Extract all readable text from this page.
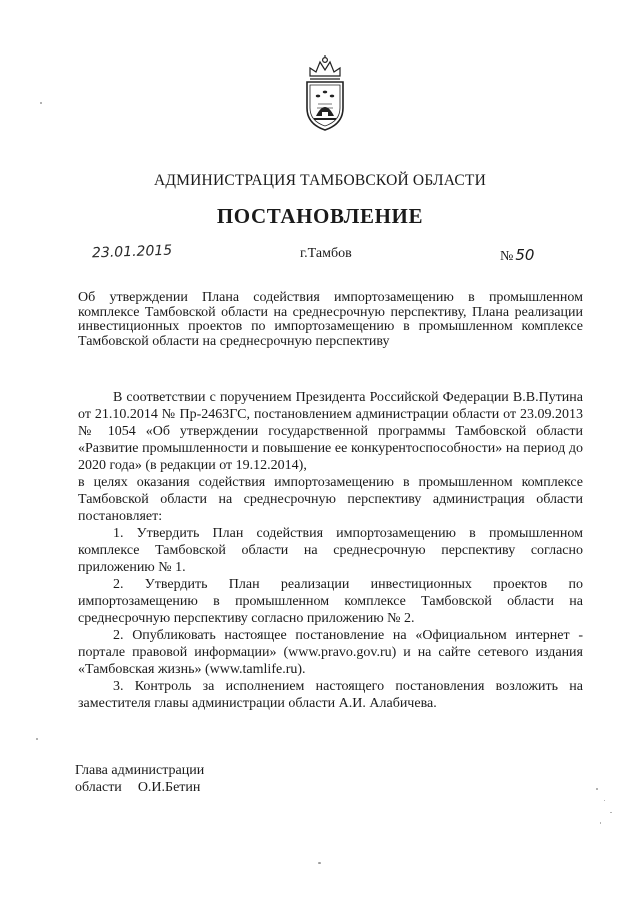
АДМИНИСТРАЦИЯ ТАМБОВСКОЙ ОБЛАСТИ
ПОСТАНОВЛЕНИЕ
23.01.2015	г.Тамбов	№ 50
Об утверждении Плана содействия импортозамещению в промышленном комплексе Тамбовской области на среднесрочную перспективу, Плана реализации инвестиционных проектов по импортозамещению в промышленном комплексе Тамбовской области на среднесрочную перспективу

В соответствии с поручением Президента Российской Федерации В.В.Путина от 21.10.2014 № Пр-2463ГС, постановлением администрации области от 23.09.2013 № 1054 «Об утверждении государственной программы Тамбовской области «Развитие промышленности и повышение ее конкурентоспособности» на период до 2020 года» (в редакции от 19.12.2014),

в целях оказания содействия импортозамещению в промышленном комплексе Тамбовской области на среднесрочную перспективу администрация области постановляет:

1. Утвердить План содействия импортозамещению в промышленном комплексе Тамбовской области на среднесрочную перспективу согласно приложению № 1.

2. Утвердить План реализации инвестиционных проектов по импортозамещению в промышленном комплексе Тамбовской области на среднесрочную перспективу согласно приложению № 2.

2. Опубликовать настоящее постановление на «Официальном интернет - портале правовой информации» (www.pravo.gov.ru) и на сайте сетевого издания «Тамбовская жизнь» (www.tamlife.ru).

3. Контроль за исполнением настоящего постановления возложить на заместителя главы администрации области А.И. Алабичева.

Глава администрации
области О.И.Бетин
